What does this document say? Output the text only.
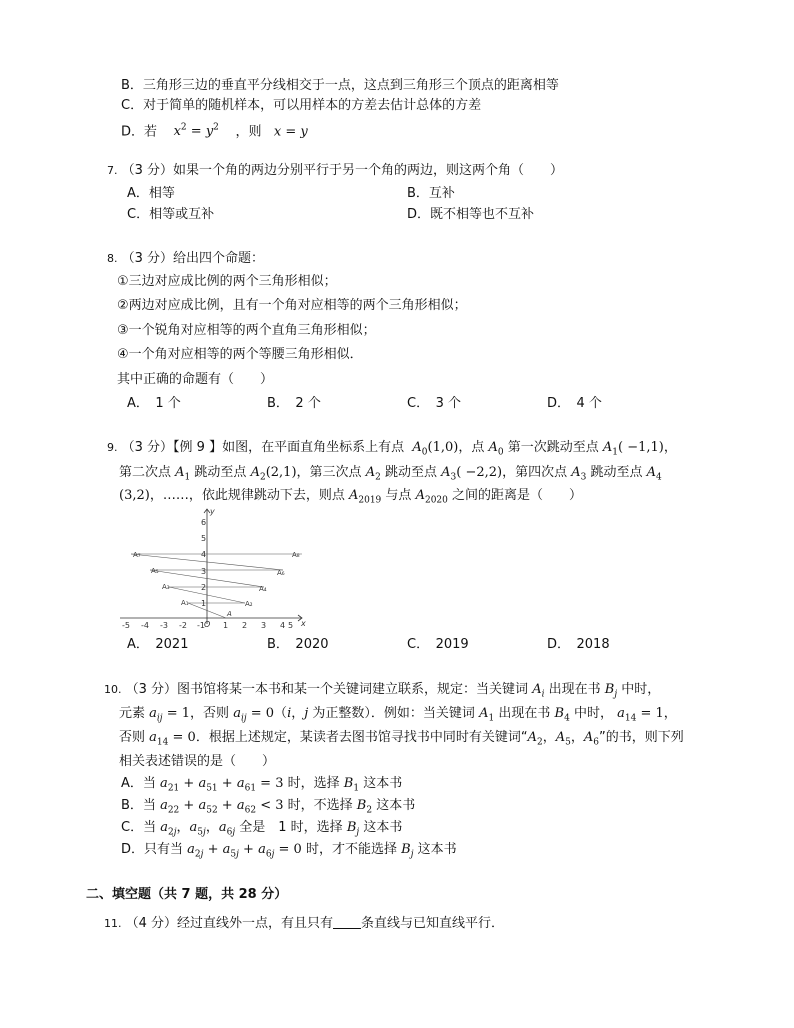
B．三角形三边的垂直平分线相交于一点，这点到三角形三个顶点的距离相等
C．对于简单的随机样本，可以用样本的方差去估计总体的方差
D．若 $x^2 = y^2$ ，则 x = y
7. （3 分）如果一个角的两边分别平行于另一个角的两边，则这两个角（　　）
A．相等	B．互补
C．相等或互补	D．既不相等也不互补
8. （3 分）给出四个命题：
①三边对应成比例的两个三角形相似；
②两边对应成比例，且有一个角对应相等的两个三角形相似；
③一个锐角对应相等的两个直角三角形相似；
④一个角对应相等的两个等腰三角形相似．
其中正确的命题有（　　）
A．　1 个	B．　2 个	C．　3 个	D．　4 个
9. （3 分）【例 9 】如图，在平面直角坐标系上有点 $A_0(1,0)$，点 $A_0$ 第一次跳动至点 $A_1( -1,1)$，
第二次点 $A_1$ 跳动至点 $A_2(2,1)$，第三次点 $A_2$ 跳动至点 $A_3( -2,2)$，第四次点 $A_3$ 跳动至点 $A_4$
(3,2)，……，依此规律跳动下去，则点 $A_{2019}$ 与点 $A_{2020}$ 之间的距离是（　　）
-5 -4 -3 -2 -1 O 1 2 3 4 5 x
1
2
3
4
5
6
y
A
A₁	A₂
A₃	A₄
A₅	A₆
A₇	A₈
A．　2021	B．　2020	C．　2019	D．　2018
10. （3 分）图书馆将某一本书和某一个关键词建立联系，规定：当关键词 $A_i$ 出现在书 $B_j$ 中时，
元素 $a_{ij} = 1$，否则 $a_{ij} = 0(i$，j 为正整数）．例如：当关键词 $A_1$ 出现在书 $B_4$ 中时， $a_{14} = 1$，
否则 $a_{14} = 0$．根据上述规定，某读者去图书馆寻找书中同时有关键词“$A_2$，$A_5$，$A_6$”的书，则下列
相关表述错误的是（　　）
A．当 $a_{21} + a_{51} + a_{61} = 3$ 时，选择 $B_1$ 这本书
B．当 $a_{22} + a_{52} + a_{62} < 3$ 时，不选择 $B_2$ 这本书
C．当 $a_{2j}$，$a_{5j}$，$a_{6j}$ 全是　1 时，选择 $B_j$ 这本书
D．只有当 $a_{2j} + a_{5j} + a_{6j} = 0$ 时，才不能选择 $B_j$ 这本书
二、填空题（共 7 题，共 28 分）
11. （4 分）经过直线外一点，有且只有 条直线与已知直线平行．
